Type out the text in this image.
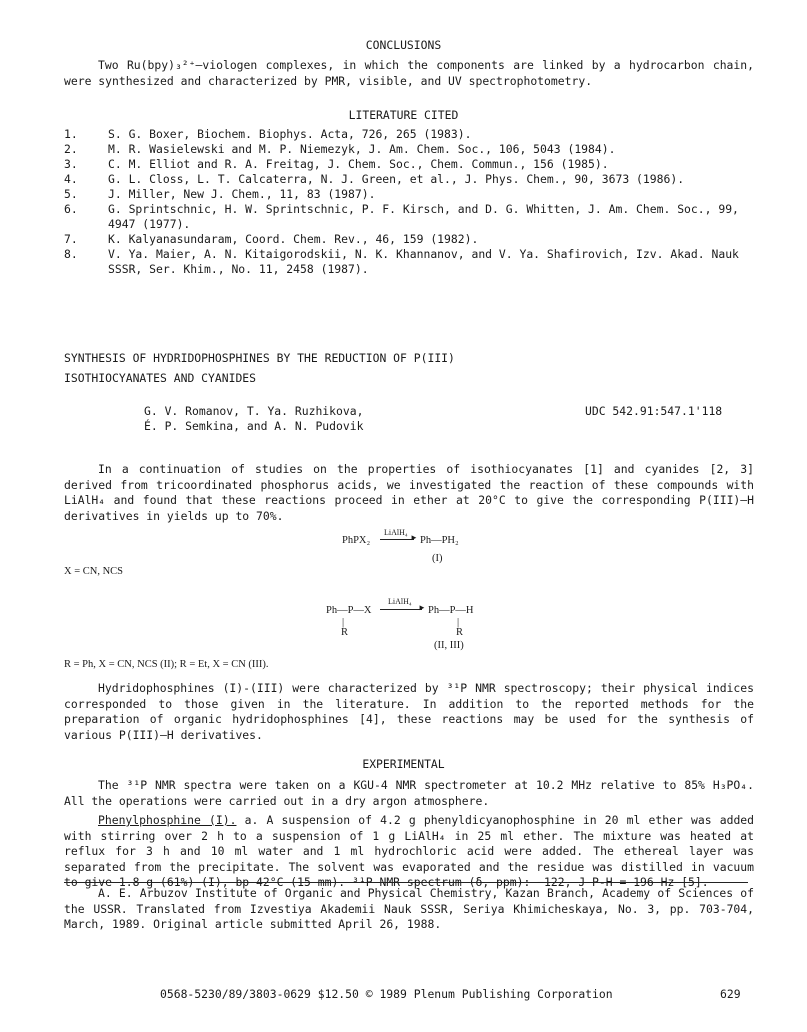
CONCLUSIONS
Two Ru(bpy)₃²⁺–viologen complexes, in which the components are linked by a hydrocarbon chain, were synthesized and characterized by PMR, visible, and UV spectrophotometry.
LITERATURE CITED
1.	S. G. Boxer, Biochem. Biophys. Acta, 726, 265 (1983).
2.	M. R. Wasielewski and M. P. Niemezyk, J. Am. Chem. Soc., 106, 5043 (1984).
3.	C. M. Elliot and R. A. Freitag, J. Chem. Soc., Chem. Commun., 156 (1985).
4.	G. L. Closs, L. T. Calcaterra, N. J. Green, et al., J. Phys. Chem., 90, 3673 (1986).
5.	J. Miller, New J. Chem., 11, 83 (1987).
6.	G. Sprintschnic, H. W. Sprintschnic, P. F. Kirsch, and D. G. Whitten, J. Am. Chem. Soc., 99, 4947 (1977).
7.	K. Kalyanasundaram, Coord. Chem. Rev., 46, 159 (1982).
8.	V. Ya. Maier, A. N. Kitaigorodskii, N. K. Khannanov, and V. Ya. Shafirovich, Izv. Akad. Nauk SSSR, Ser. Khim., No. 11, 2458 (1987).
SYNTHESIS OF HYDRIDOPHOSPHINES BY THE REDUCTION OF P(III)
ISOTHIOCYANATES AND CYANIDES
G. V. Romanov, T. Ya. Ruzhikova,
É. P. Semkina, and A. N. Pudovik
UDC 542.91:547.1'118
In a continuation of studies on the properties of isothiocyanates [1] and cyanides [2, 3] derived from tricoordinated phosphorus acids, we investigated the reaction of these compounds with LiAlH₄ and found that these reactions proceed in ether at 20°C to give the corresponding P(III)–H derivatives in yields up to 70%.
PhPX₂
LiAlH₄
► Ph—PH₂
(I)
X = CN, NCS
Ph—P—X
|
R
LiAlH₄
► Ph—P—H
|
R
(II, III)
R = Ph, X = CN, NCS (II); R = Et, X = CN (III).
Hydridophosphines (I)-(III) were characterized by ³¹P NMR spectroscopy; their physical indices corresponded to those given in the literature. In addition to the reported methods for the preparation of organic hydridophosphines [4], these reactions may be used for the synthesis of various P(III)–H derivatives.
EXPERIMENTAL
The ³¹P NMR spectra were taken on a KGU-4 NMR spectrometer at 10.2 MHz relative to 85% H₃PO₄. All the operations were carried out in a dry argon atmosphere.
Phenylphosphine (I). a. A suspension of 4.2 g phenyldicyanophosphine in 20 ml ether was added with stirring over 2 h to a suspension of 1 g LiAlH₄ in 25 ml ether. The mixture was heated at reflux for 3 h and 10 ml water and 1 ml hydrochloric acid were added. The ethereal layer was separated from the precipitate. The solvent was evaporated and the residue was distilled in vacuum to give 1.8 g (61%) (I), bp 42°C (15 mm). ³¹P NMR spectrum (δ, ppm): −122, J P-H = 196 Hz [5].
A. E. Arbuzov Institute of Organic and Physical Chemistry, Kazan Branch, Academy of Sciences of the USSR. Translated from Izvestiya Akademii Nauk SSSR, Seriya Khimicheskaya, No. 3, pp. 703-704, March, 1989. Original article submitted April 26, 1988.
0568-5230/89/3803-0629 $12.50 © 1989 Plenum Publishing Corporation	629
